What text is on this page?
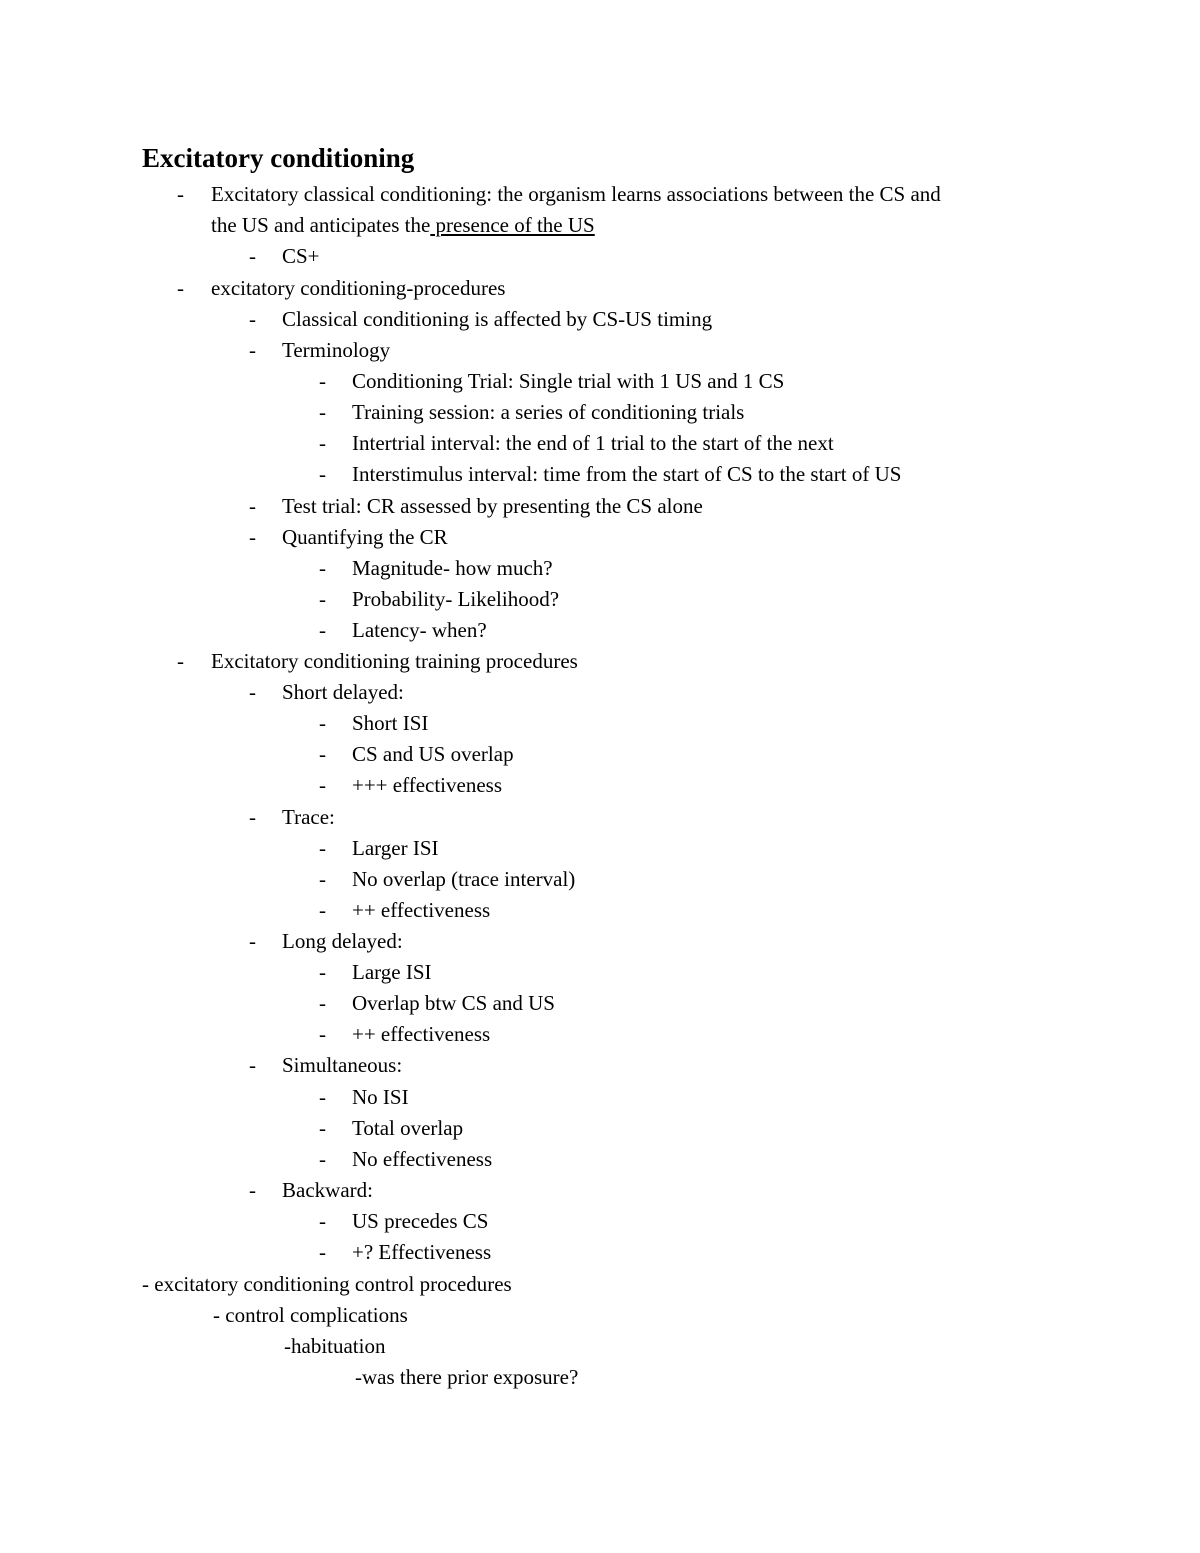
Excitatory conditioning
- Excitatory classical conditioning: the organism learns associations between the CS and
the US and anticipates the presence of the US
- CS+
- excitatory conditioning-procedures
- Classical conditioning is affected by CS-US timing
- Terminology
- Conditioning Trial: Single trial with 1 US and 1 CS
- Training session: a series of conditioning trials
- Intertrial interval: the end of 1 trial to the start of the next
- Interstimulus interval: time from the start of CS to the start of US
- Test trial: CR assessed by presenting the CS alone
- Quantifying the CR
- Magnitude- how much?
- Probability- Likelihood?
- Latency- when?
- Excitatory conditioning training procedures
- Short delayed:
- Short ISI
- CS and US overlap
- +++ effectiveness
- Trace:
- Larger ISI
- No overlap (trace interval)
- ++ effectiveness
- Long delayed:
- Large ISI
- Overlap btw CS and US
- ++ effectiveness
- Simultaneous:
- No ISI
- Total overlap
- No effectiveness
- Backward:
- US precedes CS
- +? Effectiveness
- excitatory conditioning control procedures
- control complications
-habituation
-was there prior exposure?
